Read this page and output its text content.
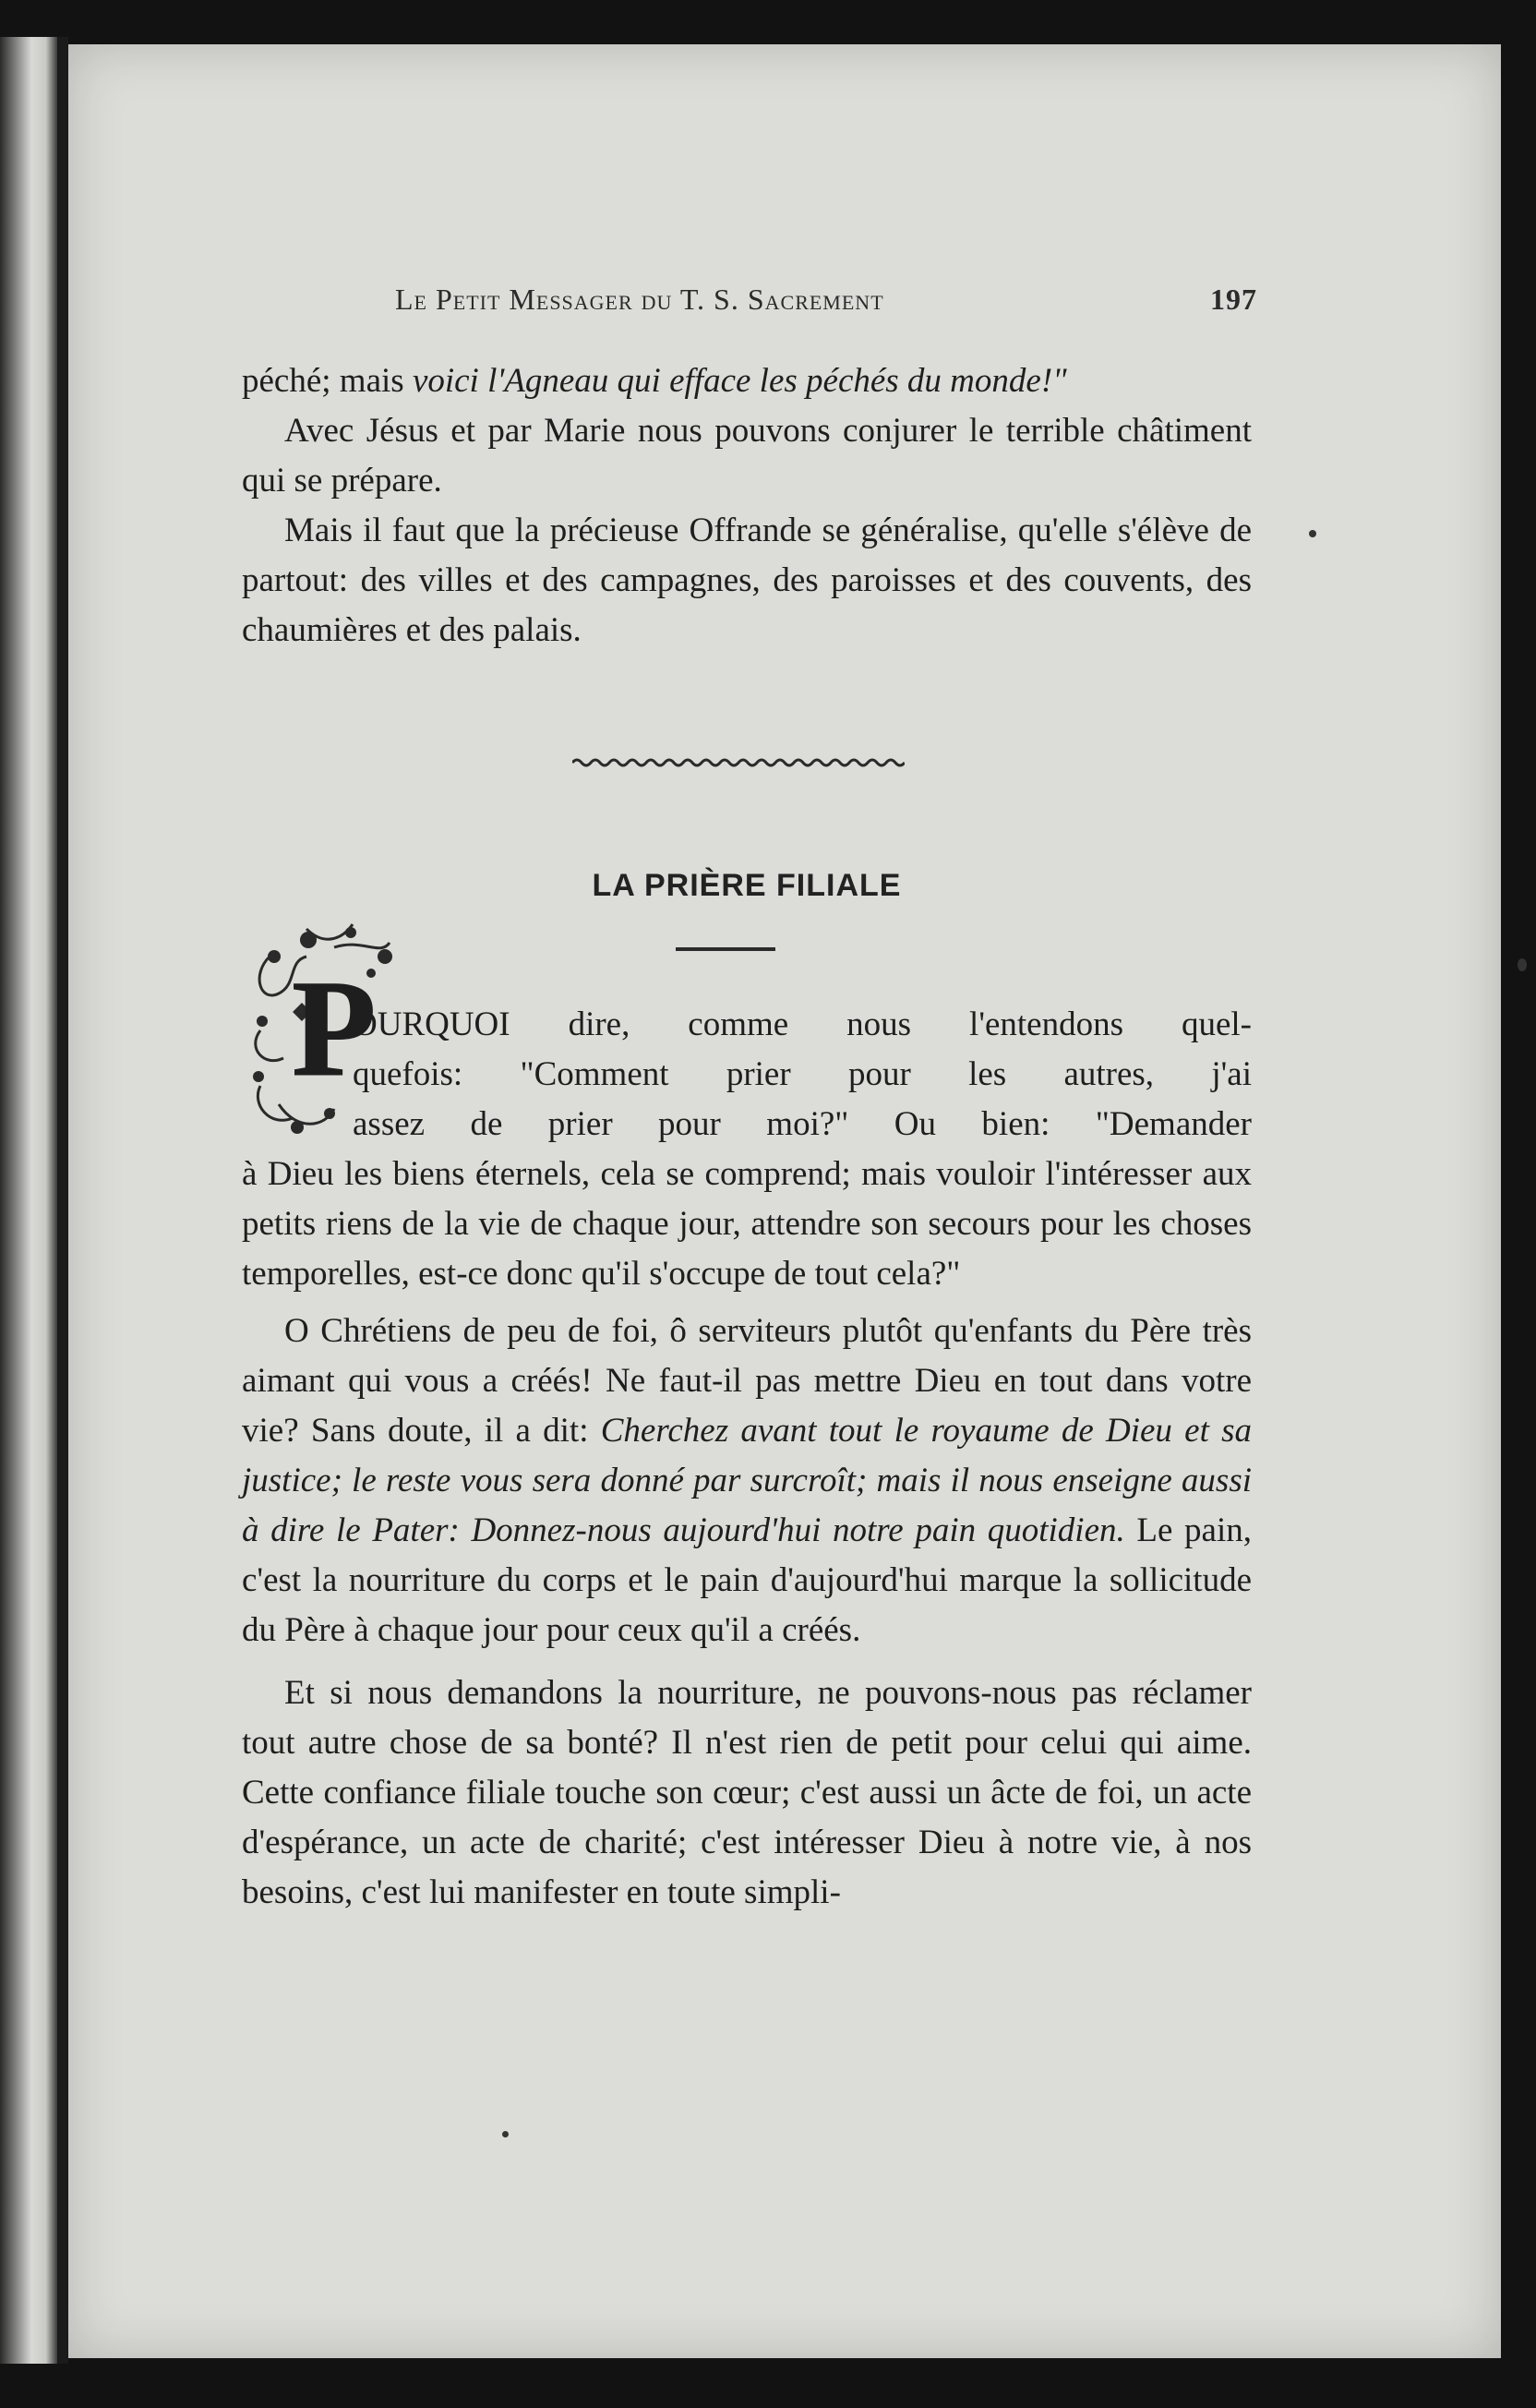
Le Petit Messager du T. S. Sacrement	197

péché; mais voici l'Agneau qui efface les péchés du monde!"

Avec Jésus et par Marie nous pouvons conjurer le terrible châtiment qui se prépare.

Mais il faut que la précieuse Offrande se généralise, qu'elle s'élève de partout: des villes et des campagnes, des paroisses et des couvents, des chaumières et des palais.

LA PRIÈRE FILIALE
P
OURQUOI dire, comme nous l'entendons quel-
quefois: "Comment prier pour les autres, j'ai
assez de prier pour moi?" Ou bien: "Demander

à Dieu les biens éternels, cela se comprend; mais vouloir l'intéresser aux petits riens de la vie de chaque jour, attendre son secours pour les choses temporelles, est-ce donc qu'il s'occupe de tout cela?"

O Chrétiens de peu de foi, ô serviteurs plutôt qu'enfants du Père très aimant qui vous a créés! Ne faut-il pas mettre Dieu en tout dans votre vie? Sans doute, il a dit: Cherchez avant tout le royaume de Dieu et sa justice; le reste vous sera donné par surcroît; mais il nous enseigne aussi à dire le Pater: Donnez-nous aujourd'hui notre pain quotidien. Le pain, c'est la nourriture du corps et le pain d'aujourd'hui marque la sollicitude du Père à chaque jour pour ceux qu'il a créés.

Et si nous demandons la nourriture, ne pouvons-nous pas réclamer tout autre chose de sa bonté? Il n'est rien de petit pour celui qui aime. Cette confiance filiale touche son cœur; c'est aussi un âcte de foi, un acte d'espérance, un acte de charité; c'est intéresser Dieu à notre vie, à nos besoins, c'est lui manifester en toute simpli-
